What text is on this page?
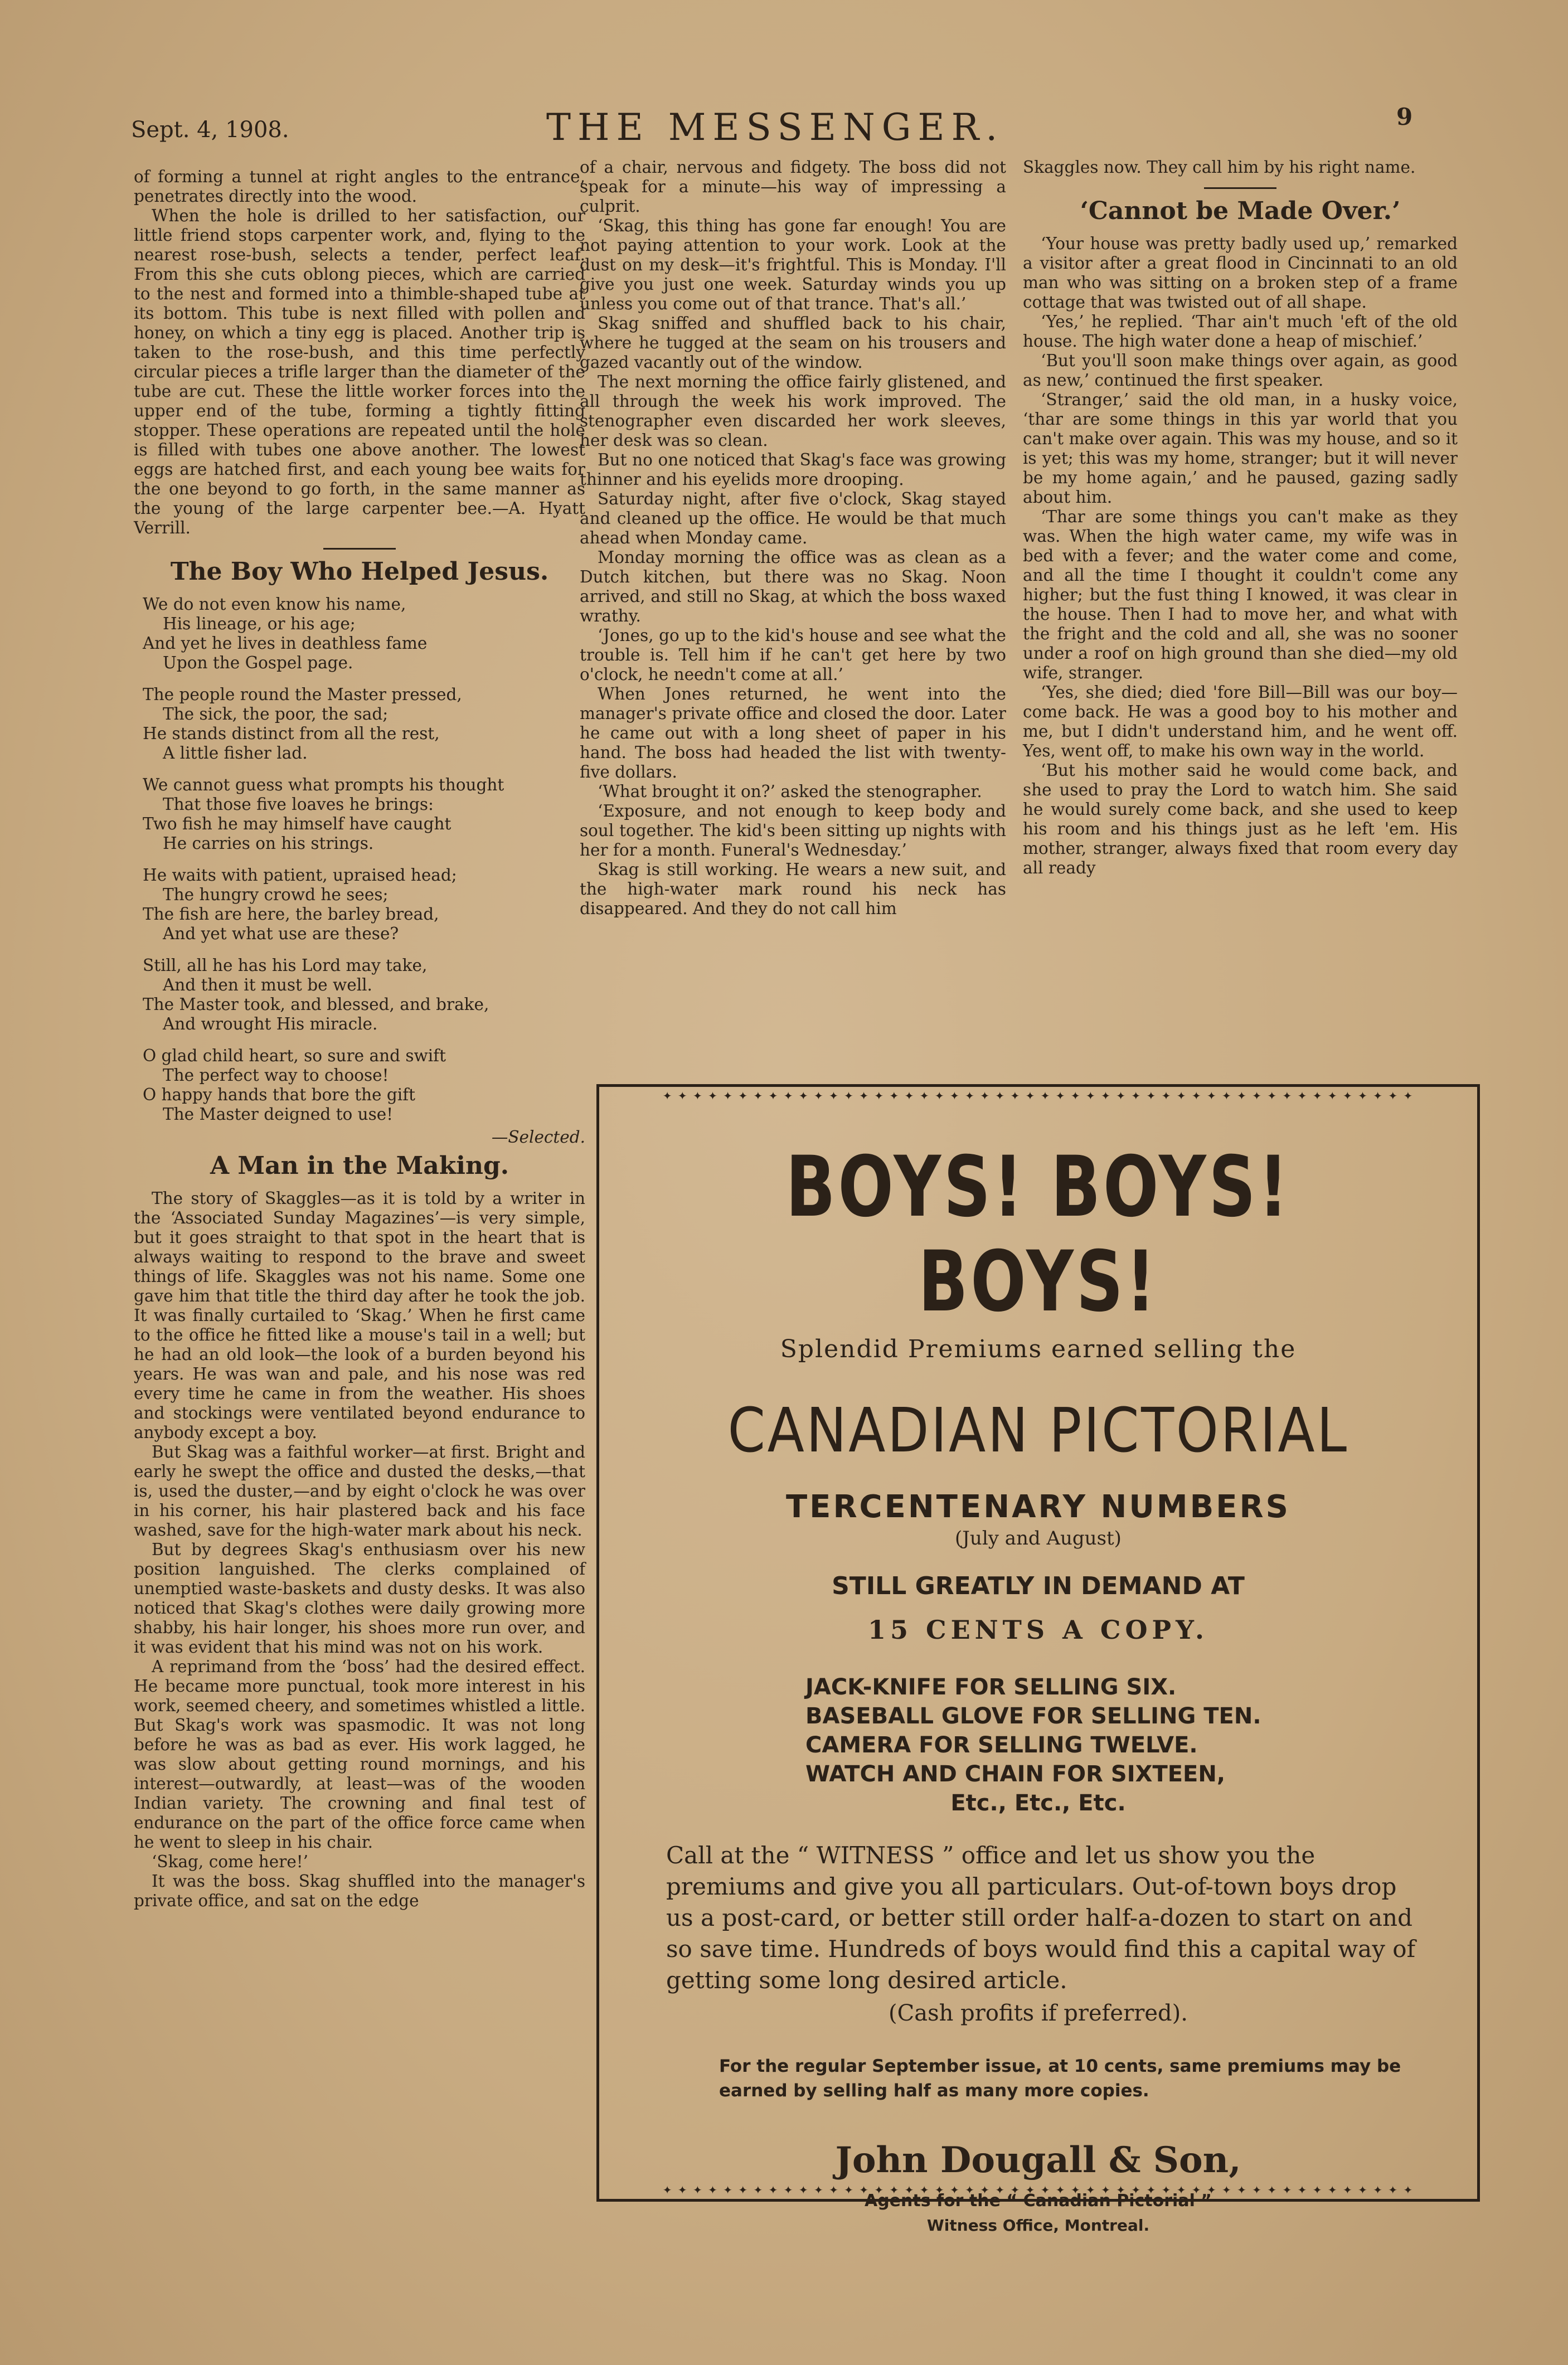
Sept. 4, 1908.	THE MESSENGER.	9

of forming a tunnel at right angles to the entrance, penetrates directly into the wood.

When the hole is drilled to her satisfaction, our little friend stops carpenter work, and, flying to the nearest rose-bush, selects a tender, perfect leaf. From this she cuts oblong pieces, which are carried to the nest and formed into a thimble-shaped tube at its bottom. This tube is next filled with pollen and honey, on which a tiny egg is placed. Another trip is taken to the rose-bush, and this time perfectly circular pieces a trifle larger than the diameter of the tube are cut. These the little worker forces into the upper end of the tube, forming a tightly fitting stopper. These operations are repeated until the hole is filled with tubes one above another. The lowest eggs are hatched first, and each young bee waits for the one beyond to go forth, in the same manner as the young of the large carpenter bee.—A. Hyatt Verrill.

The Boy Who Helped Jesus.
We do not even know his name,
His lineage, or his age;
And yet he lives in deathless fame
Upon the Gospel page.
The people round the Master pressed,
The sick, the poor, the sad;
He stands distinct from all the rest,
A little fisher lad.
We cannot guess what prompts his thought
That those five loaves he brings:
Two fish he may himself have caught
He carries on his strings.
He waits with patient, upraised head;
The hungry crowd he sees;
The fish are here, the barley bread,
And yet what use are these?
Still, all he has his Lord may take,
And then it must be well.
The Master took, and blessed, and brake,
And wrought His miracle.
O glad child heart, so sure and swift
The perfect way to choose!
O happy hands that bore the gift
The Master deigned to use!
—Selected.
A Man in the Making.

The story of Skaggles—as it is told by a writer in the ‘Associated Sunday Magazines’—is very simple, but it goes straight to that spot in the heart that is always waiting to respond to the brave and sweet things of life. Skaggles was not his name. Some one gave him that title the third day after he took the job. It was finally curtailed to ‘Skag.’ When he first came to the office he fitted like a mouse's tail in a well; but he had an old look—the look of a burden beyond his years. He was wan and pale, and his nose was red every time he came in from the weather. His shoes and stockings were ventilated beyond endurance to anybody except a boy.

But Skag was a faithful worker—at first. Bright and early he swept the office and dusted the desks,—that is, used the duster,—and by eight o'clock he was over in his corner, his hair plastered back and his face washed, save for the high-water mark about his neck.

But by degrees Skag's enthusiasm over his new position languished. The clerks complained of unemptied waste-baskets and dusty desks. It was also noticed that Skag's clothes were daily growing more shabby, his hair longer, his shoes more run over, and it was evident that his mind was not on his work.

A reprimand from the ‘boss’ had the desired effect. He became more punctual, took more interest in his work, seemed cheery, and sometimes whistled a little. But Skag's work was spasmodic. It was not long before he was as bad as ever. His work lagged, he was slow about getting round mornings, and his interest—outwardly, at least—was of the wooden Indian variety. The crowning and final test of endurance on the part of the office force came when he went to sleep in his chair.

‘Skag, come here!’

It was the boss. Skag shuffled into the manager's private office, and sat on the edge

of a chair, nervous and fidgety. The boss did not speak for a minute—his way of impressing a culprit.

‘Skag, this thing has gone far enough! You are not paying attention to your work. Look at the dust on my desk—it's frightful. This is Monday. I'll give you just one week. Saturday winds you up unless you come out of that trance. That's all.’

Skag sniffed and shuffled back to his chair, where he tugged at the seam on his trousers and gazed vacantly out of the window.

The next morning the office fairly glistened, and all through the week his work improved. The stenographer even discarded her work sleeves, her desk was so clean.

But no one noticed that Skag's face was growing thinner and his eyelids more drooping.

Saturday night, after five o'clock, Skag stayed and cleaned up the office. He would be that much ahead when Monday came.

Monday morning the office was as clean as a Dutch kitchen, but there was no Skag. Noon arrived, and still no Skag, at which the boss waxed wrathy.

‘Jones, go up to the kid's house and see what the trouble is. Tell him if he can't get here by two o'clock, he needn't come at all.’

When Jones returned, he went into the manager's private office and closed the door. Later he came out with a long sheet of paper in his hand. The boss had headed the list with twenty-five dollars.

‘What brought it on?’ asked the stenographer.

‘Exposure, and not enough to keep body and soul together. The kid's been sitting up nights with her for a month. Funeral's Wednesday.’

Skag is still working. He wears a new suit, and the high-water mark round his neck has disappeared. And they do not call him

Skaggles now. They call him by his right name.

‘Cannot be Made Over.’

‘Your house was pretty badly used up,’ remarked a visitor after a great flood in Cincinnati to an old man who was sitting on a broken step of a frame cottage that was twisted out of all shape.

‘Yes,’ he replied. ‘Thar ain't much 'eft of the old house. The high water done a heap of mischief.’

‘But you'll soon make things over again, as good as new,’ continued the first speaker.

‘Stranger,’ said the old man, in a husky voice, ‘thar are some things in this yar world that you can't make over again. This was my house, and so it is yet; this was my home, stranger; but it will never be my home again,’ and he paused, gazing sadly about him.

‘Thar are some things you can't make as they was. When the high water came, my wife was in bed with a fever; and the water come and come, and all the time I thought it couldn't come any higher; but the fust thing I knowed, it was clear in the house. Then I had to move her, and what with the fright and the cold and all, she was no sooner under a roof on high ground than she died—my old wife, stranger.

‘Yes, she died; died 'fore Bill—Bill was our boy—come back. He was a good boy to his mother and me, but I didn't understand him, and he went off. Yes, went off, to make his own way in the world.

‘But his mother said he would come back, and she used to pray the Lord to watch him. She said he would surely come back, and she used to keep his room and his things just as he left 'em. His mother, stranger, always fixed that room every day all ready

✦ ✦ ✦ ✦ ✦ ✦ ✦ ✦ ✦ ✦ ✦ ✦ ✦ ✦ ✦ ✦ ✦ ✦ ✦ ✦ ✦ ✦ ✦ ✦ ✦ ✦ ✦ ✦ ✦ ✦ ✦ ✦ ✦ ✦ ✦ ✦ ✦ ✦ ✦ ✦ ✦ ✦ ✦ ✦ ✦ ✦ ✦ ✦ ✦ ✦
BOYS! BOYS! BOYS!
Splendid Premiums earned selling the
CANADIAN PICTORIAL
TERCENTENARY NUMBERS
(July and August)
STILL GREATLY IN DEMAND AT
15 CENTS A COPY.
JACK-KNIFE FOR SELLING SIX.
BASEBALL GLOVE FOR SELLING TEN.
CAMERA FOR SELLING TWELVE.
WATCH AND CHAIN FOR SIXTEEN,
Etc., Etc., Etc.
Call at the “ WITNESS ” office and let us show you the premiums and give you all particulars. Out-of-town boys drop us a post-card, or better still order half-a-dozen to start on and so save time. Hundreds of boys would find this a capital way of getting some long desired article.
(Cash profits if preferred).
For the regular September issue, at 10 cents, same premiums may be earned by selling half as many more copies.
John Dougall & Son,
Agents for the “ Canadian Pictorial ”
Witness Office, Montreal.
✦ ✦ ✦ ✦ ✦ ✦ ✦ ✦ ✦ ✦ ✦ ✦ ✦ ✦ ✦ ✦ ✦ ✦ ✦ ✦ ✦ ✦ ✦ ✦ ✦ ✦ ✦ ✦ ✦ ✦ ✦ ✦ ✦ ✦ ✦ ✦ ✦ ✦ ✦ ✦ ✦ ✦ ✦ ✦ ✦ ✦ ✦ ✦ ✦ ✦
